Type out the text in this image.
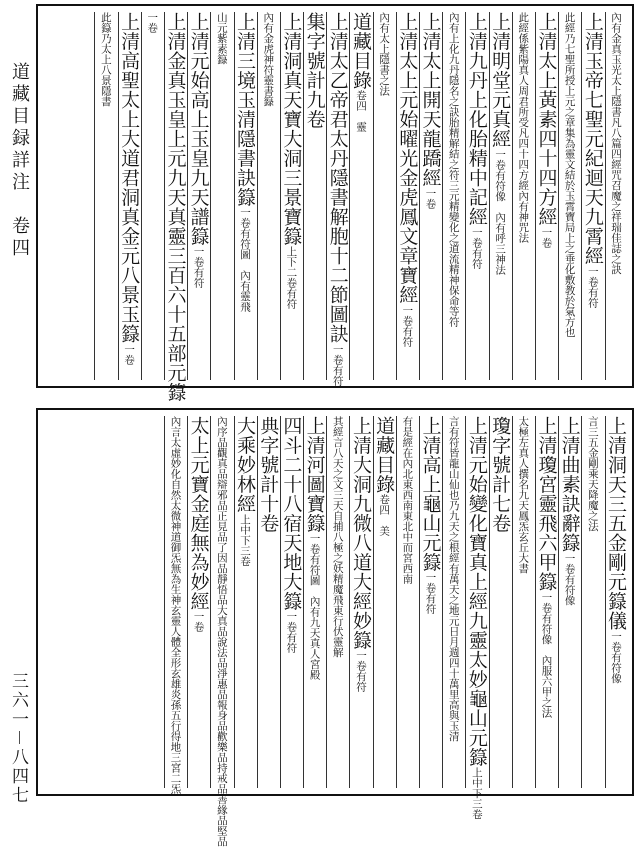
道藏目録詳注　卷四
三六一－八四七
內有金真玉光太上隱書凡八篇四經咒召魔之祥瑞佳誌之訣
上清玉帝七聖元紀迴天九霄經一卷有符
此經乃七聖所授上元之章集為靈文結於玉霄寶局上之垂化敷教於氣方也
上清太上黃素四十四方經一卷
此經係紫陽真人周君所受凡四十四方經內有神咒法
上清明堂元真經一卷有符像　內有呼三神法
上清九丹上化胎精中記經一卷有符
內有上化九丹隱名之訣胎精解結之符三元精變化之道流精神保命等符
上清太上開天龍蹻經一卷
上清太上元始曜光金虎鳳文章寶經一卷有符
內有太上隱書之法
道藏目錄卷四　靈
上清太乙帝君太丹隱書解胞十二節圖訣一卷有符
集字號計九卷
上清洞真天寶大洞三景寶籙上下二卷有符
內有金虎神符靈書籙
上清三境玉清隱書訣籙一卷有符圖　內有靈飛
山元紫素籙
上清元始高上玉皇九天譜籙一卷有符
上清金真玉皇上元九天真靈三百六十五部元籙
一卷
上清高聖太上大道君洞真金元八景玉籙一卷
此籙乃太上八景隱書
上清洞天三五金剛元籙儀一卷有符像
言三五金剛乘天降魔之法
上清曲素訣辭籙一卷有符像
上清瓊宮靈飛六甲籙一卷有符像　內服六甲之法
太極左真人撰名九天鳳炁玄丘大書
瓊字號計七卷
上清元始變化寶真上經九靈太妙龜山元籙上中下三卷
言有符皆龍山仙也乃九天之根經有萬天之地元日月週四十萬里高與玉清
上清高上龜山元籙一卷有符
有是經在內北東西南東北中而宮西南
道藏目錄卷四　美
上清大洞九微八道大經妙籙一卷有符
其經言八天之文三天自捕八極之妖精魔飛東行伏靈解
上清河圖寶籙一卷有符圖　內有九天真人宮殿
四斗二十八宿天地大籙一卷有符
典字號計十卷
大乘妙林經上中下三卷
內序品觀真品辯邪品正見品了因品靜悟品大真品說法品淨惠品報身品歡樂品持戒品善緣品堅品
太上元寶金庭無為妙經一卷
內言太虛妙化自然太微神道御炁無為生神玄靈人體全形玄雄炎孫五行得地三宮二炁
